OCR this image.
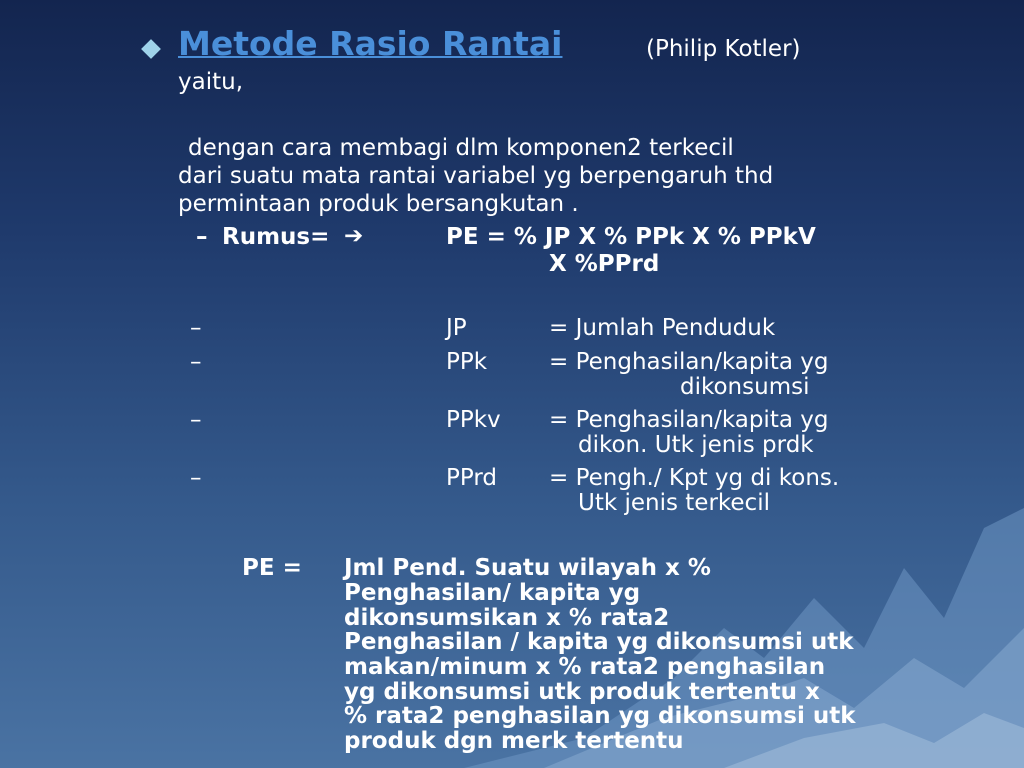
Metode Rasio Rantai	(Philip Kotler)
yaitu,
dengan cara membagi dlm komponen2 terkecil
dari suatu mata rantai variabel yg berpengaruh thd
permintaan produk bersangkutan .
– Rumus= ➔	PE = % JP X % PPk X % PPkV
X %PPrd
–	JP	= Jumlah Penduduk
–	PPk	= Penghasilan/kapita yg
dikonsumsi
–	PPkv = Penghasilan/kapita yg
dikon. Utk jenis prdk
–	PPrd = Pengh./ Kpt yg di kons.
Utk jenis terkecil
PE = Jml Pend. Suatu wilayah x %
Penghasilan/ kapita yg
dikonsumsikan x % rata2
Penghasilan / kapita yg dikonsumsi utk
makan/minum x % rata2 penghasilan
yg dikonsumsi utk produk tertentu x
% rata2 penghasilan yg dikonsumsi utk
produk dgn merk tertentu
